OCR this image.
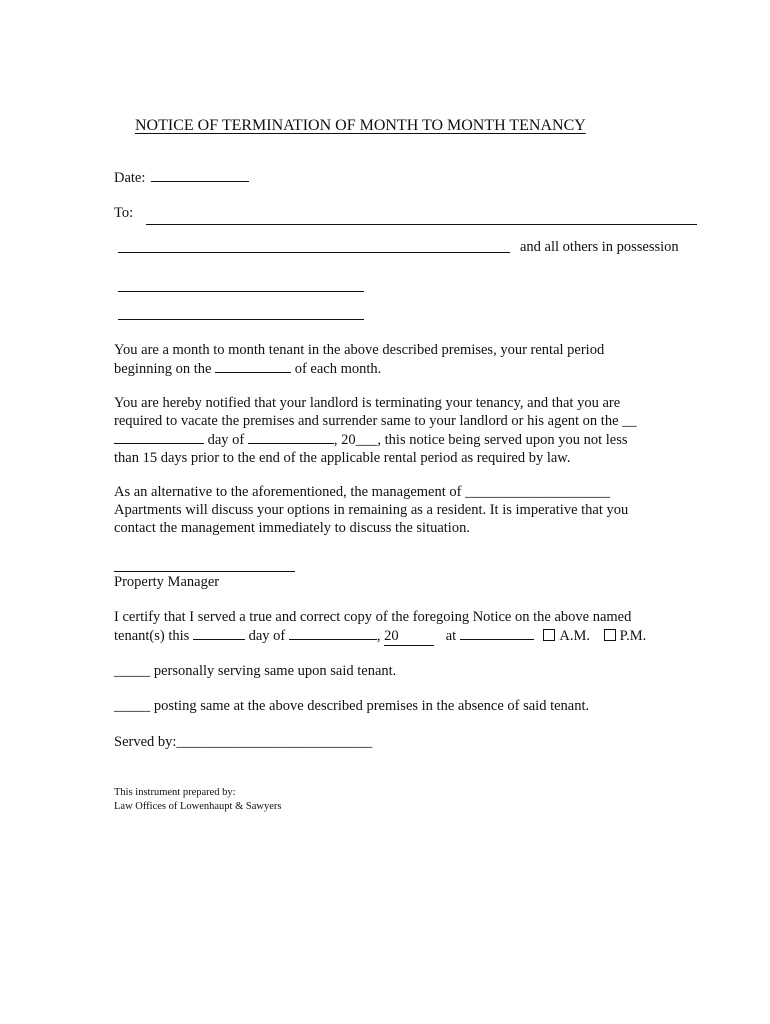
NOTICE OF TERMINATION OF MONTH TO MONTH TENANCY
Date:
To:
and all others in possession
You are a month to month tenant in the above described premises, your rental period
beginning on the	of each month.
You are hereby notified that your landlord is terminating your tenancy, and that you are
required to vacate the premises and surrender same to your landlord or his agent on the __
day of	, 20___, this notice being served upon you not less
than 15 days prior to the end of the applicable rental period as required by law.
As an alternative to the aforementioned, the management of ____________________
Apartments will discuss your options in remaining as a resident. It is imperative that you
contact the management immediately to discuss the situation.
Property Manager
I certify that I served a true and correct copy of the foregoing Notice on the above named
tenant(s) this	day of	, 20	at	A.M. P.M.
_____ personally serving same upon said tenant.
_____ posting same at the above described premises in the absence of said tenant.
Served by:___________________________
This instrument prepared by:
Law Offices of Lowenhaupt & Sawyers
